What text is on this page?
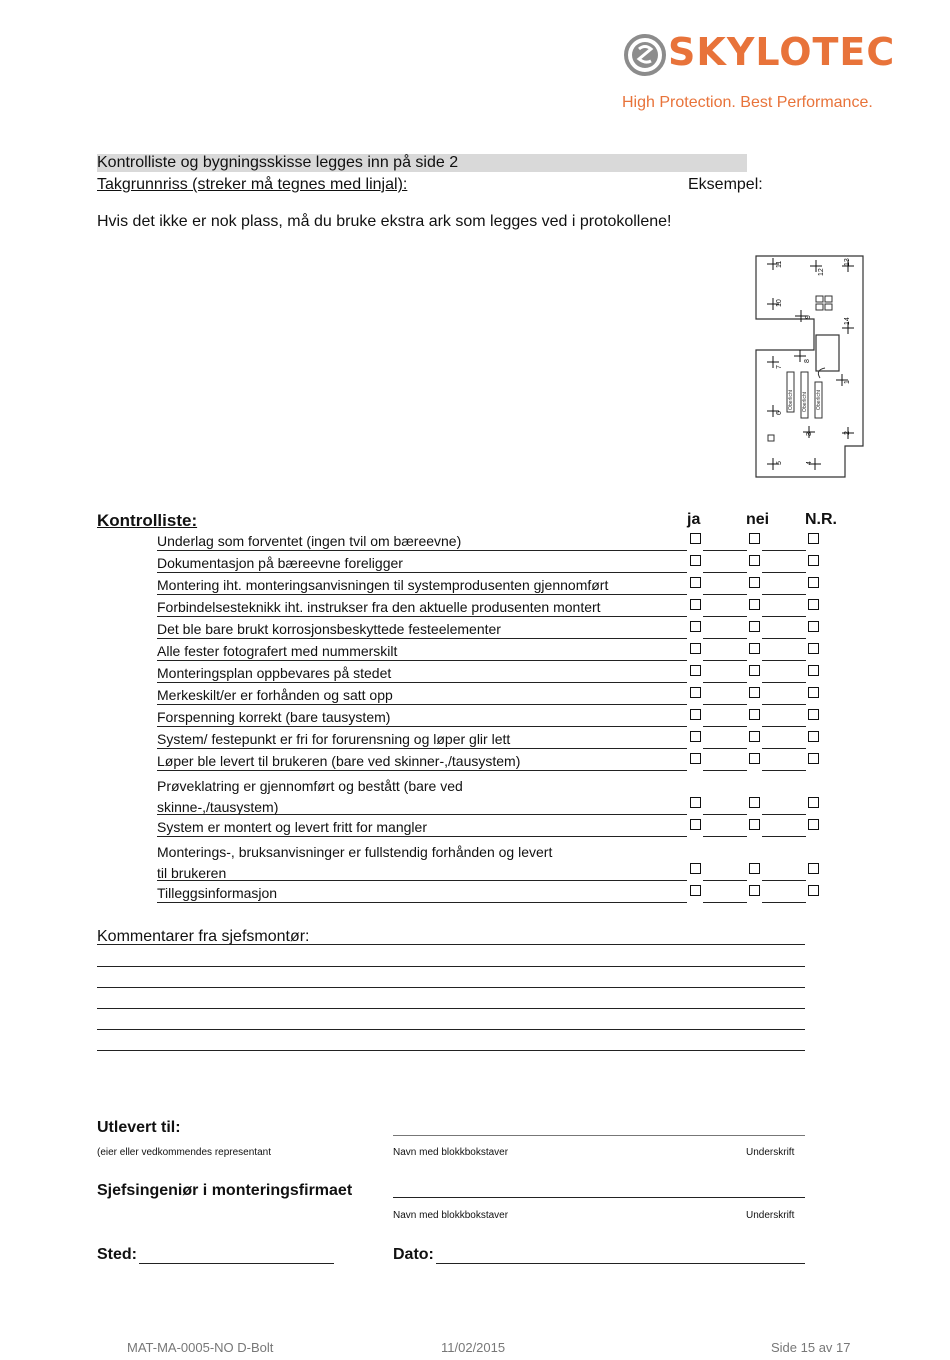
SKYLOTEC
High Protection. Best Performance.
Kontrolliste og bygningsskisse legges inn på side 2
Takgrunnriss (streker må tegnes med linjal):	Eksempel:
Hvis det ikke er nok plass, må du bruke ekstra ark som legges ved i protokollene!
Oberlicht Oberlicht Oberlicht
1
2
3
4
5
6
7
8
9
10
11
12
13
14
Kontrolliste:	ja	nei N.R.
Underlag som forventet (ingen tvil om bæreevne)
Dokumentasjon på bæreevne foreligger
Montering iht. monteringsanvisningen til systemprodusenten gjennomført
Forbindelsesteknikk iht. instrukser fra den aktuelle produsenten montert
Det ble bare brukt korrosjonsbeskyttede festeelementer
Alle fester fotografert med nummerskilt
Monteringsplan oppbevares på stedet
Merkeskilt/er er forhånden og satt opp
Forspenning korrekt (bare tausystem)
System/ festepunkt er fri for forurensning og løper glir lett
Løper ble levert til brukeren (bare ved skinner-,/tausystem)
Prøveklatring er gjennomført og bestått (bare ved skinne-,/tausystem)
System er montert og levert fritt for mangler
Monterings-, bruksanvisninger er fullstendig forhånden og levert til brukeren
Tilleggsinformasjon
Kommentarer fra sjefsmontør:
Utlevert til:
(eier eller vedkommendes representant	Navn med blokkbokstaver	Underskrift
Sjefsingeniør i monteringsfirmaet
Navn med blokkbokstaver	Underskrift
Sted:	Dato:
MAT-MA-0005-NO D-Bolt	11/02/2015	Side 15 av 17
